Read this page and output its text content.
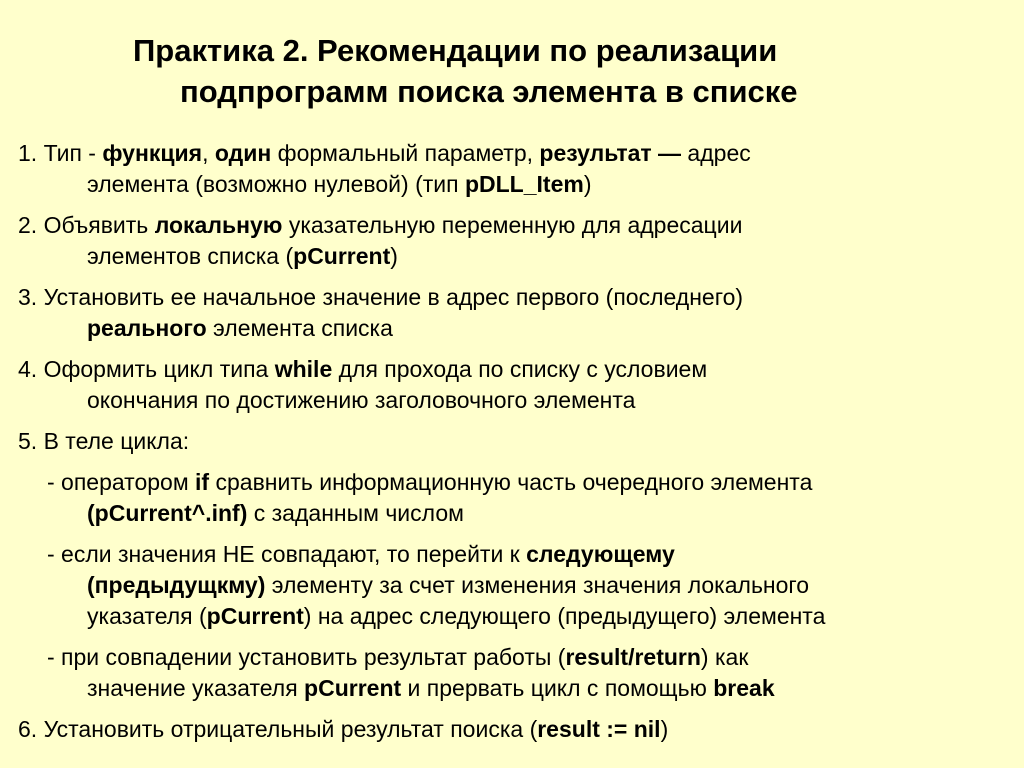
Практика 2. Рекомендации по реализации
подпрограмм поиска элемента в списке
1. Тип - функция, один формальный параметр, результат — адрес
элемента (возможно нулевой) (тип pDLL_Item)
2. Объявить локальную указательную переменную для адресации
элементов списка (pCurrent)
3. Установить ее начальное значение в адрес первого (последнего)
реального элемента списка
4. Оформить цикл типа while для прохода по списку с условием
окончания по достижению заголовочного элемента
5. В теле цикла:
- оператором if сравнить информационную часть очередного элемента
(pCurrent^.inf) с заданным числом
- если значения НЕ совпадают, то перейти к следующему
(предыдущкму) элементу за счет изменения значения локального
указателя (pCurrent) на адрес следующего (предыдущего) элемента
- при совпадении установить результат работы (result/return) как
значение указателя pCurrent и прервать цикл с помощью break
6. Установить отрицательный результат поиска (result := nil)
